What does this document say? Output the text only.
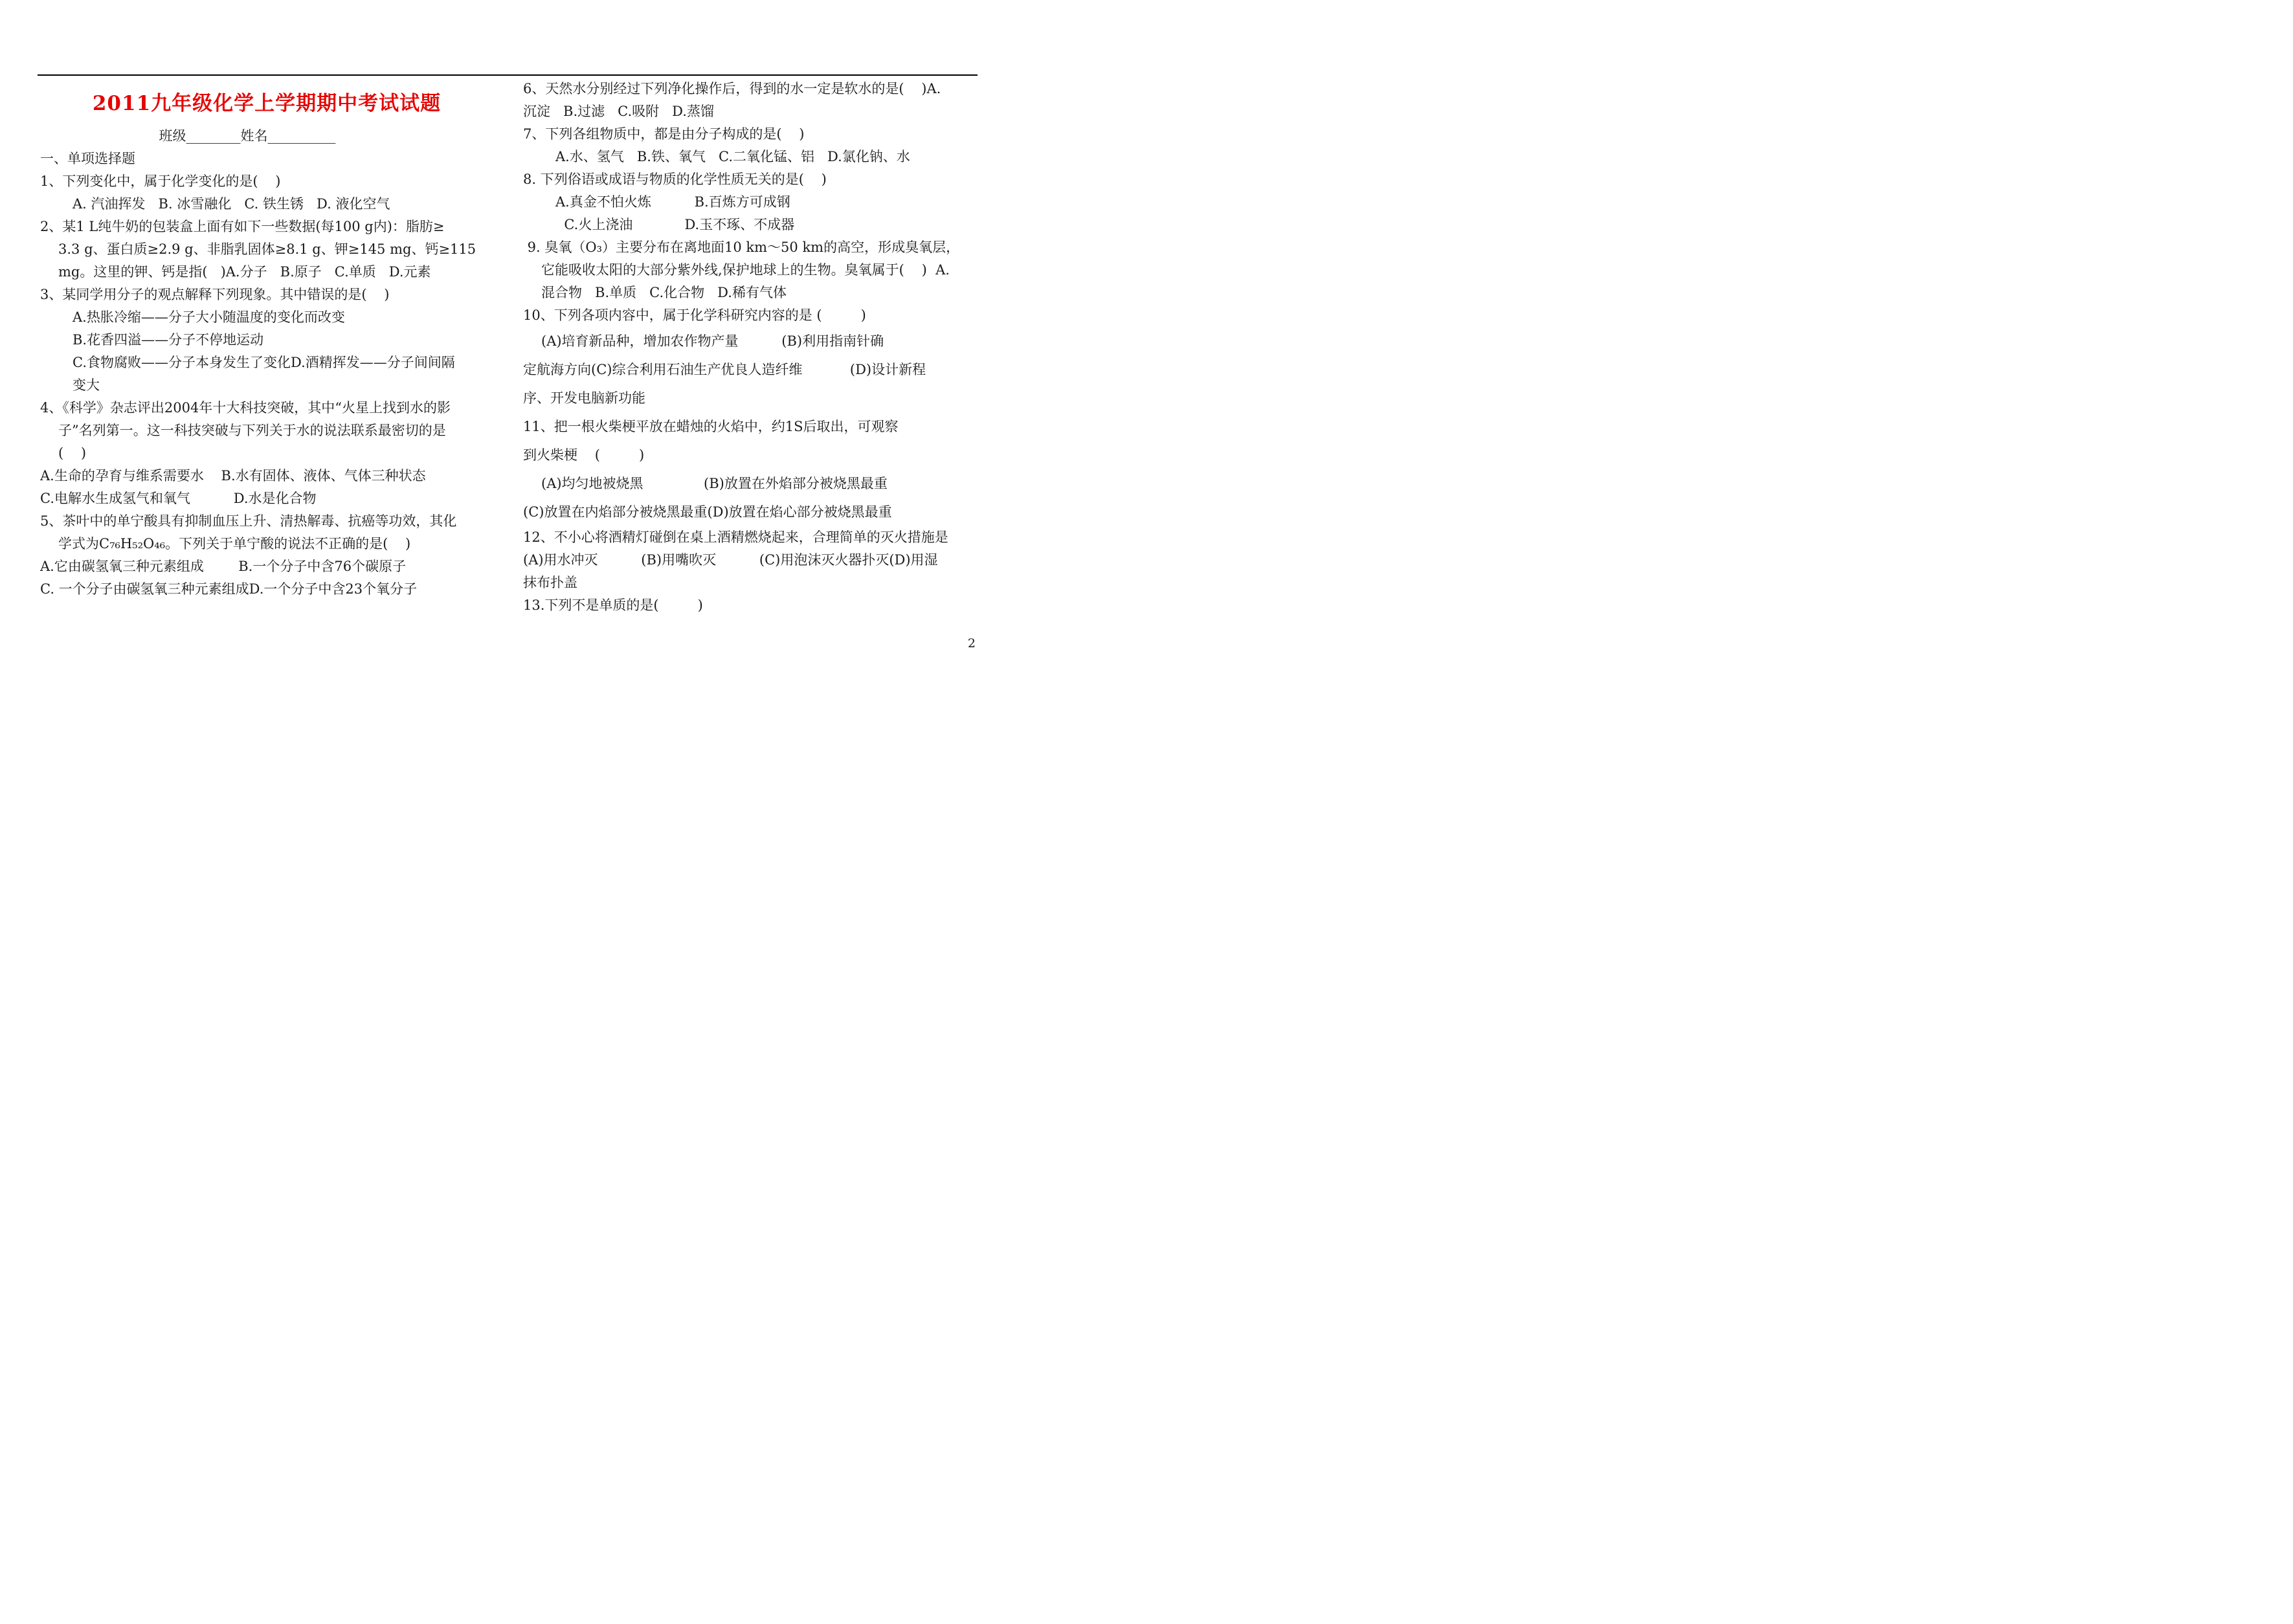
2011九年级化学上学期期中考试试题
班级________姓名__________
一、单项选择题
1、下列变化中，属于化学变化的是(    )
A. 汽油挥发   B. 冰雪融化   C. 铁生锈   D. 液化空气
2、某1 L纯牛奶的包装盒上面有如下一些数据(每100 g内)：脂肪≥
3.3 g、蛋白质≥2.9 g、非脂乳固体≥8.1 g、钾≥145 mg、钙≥115
mg。这里的钾、钙是指(   )A.分子   B.原子   C.单质   D.元素
3、某同学用分子的观点解释下列现象。其中错误的是(    )
A.热胀冷缩——分子大小随温度的变化而改变
B.花香四溢——分子不停地运动
C.食物腐败——分子本身发生了变化D.酒精挥发——分子间间隔
变大
4、《科学》杂志评出2004年十大科技突破，其中“火星上找到水的影
子”名列第一。这一科技突破与下列关于水的说法联系最密切的是
(    )
A.生命的孕育与维系需要水    B.水有固体、液体、气体三种状态
C.电解水生成氢气和氧气          D.水是化合物
5、茶叶中的单宁酸具有抑制血压上升、清热解毒、抗癌等功效，其化
学式为C₇₆H₅₂O₄₆。下列关于单宁酸的说法不正确的是(    )
A.它由碳氢氧三种元素组成        B.一个分子中含76个碳原子
C. 一个分子由碳氢氧三种元素组成D.一个分子中含23个氧分子
6、天然水分别经过下列净化操作后，得到的水一定是软水的是(    )A.
沉淀   B.过滤   C.吸附   D.蒸馏
7、下列各组物质中，都是由分子构成的是(    )
A.水、氢气   B.铁、氧气   C.二氧化锰、铝   D.氯化钠、水
8. 下列俗语或成语与物质的化学性质无关的是(    )
A.真金不怕火炼          B.百炼方可成钢
C.火上浇油            D.玉不琢、不成器
9. 臭氧（O₃）主要分布在离地面10 km～50 km的高空，形成臭氧层，
它能吸收太阳的大部分紫外线,保护地球上的生物。臭氧属于(    )  A.
混合物   B.单质   C.化合物   D.稀有气体
10、下列各项内容中，属于化学科研究内容的是 (         )
(A)培育新品种，增加农作物产量          (B)利用指南针确
定航海方向(C)综合利用石油生产优良人造纤维           (D)设计新程
序、开发电脑新功能
11、把一根火柴梗平放在蜡烛的火焰中，约1S后取出，可观察
到火柴梗    (         )
(A)均匀地被烧黑              (B)放置在外焰部分被烧黑最重
(C)放置在内焰部分被烧黑最重(D)放置在焰心部分被烧黑最重
12、不小心将酒精灯碰倒在桌上酒精燃烧起来，合理简单的灭火措施是
(A)用水冲灭          (B)用嘴吹灭          (C)用泡沫灭火器扑灭(D)用湿
抹布扑盖
13.下列不是单质的是(         )
2
